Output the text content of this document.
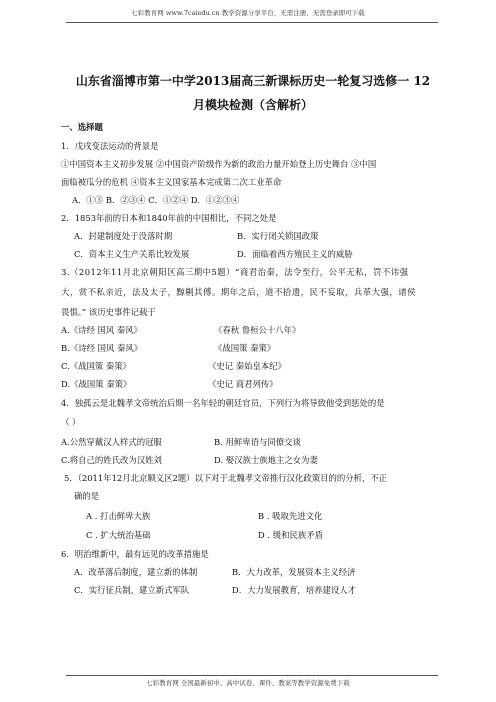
七彩教育网 www.7caiedu.cn 教学资源分享平台，无需注册、无需登录即可下载
山东省淄博市第一中学2013届高三新课标历史一轮复习选修一 12
月模块检测（含解析）
一、选择题
1．戊戌变法运动的背景是
①中国资本主义初步发展 ②中国资产阶级作为新的政治力量开始登上历史舞台 ③中国
面临被瓜分的危机 ④资本主义国家基本完成第二次工业革命
A．①③ B．②③④ C．①②④ D．①②③④
2．1853年前的日本和1840年前的中国相比，不同之处是
A．封建制度处于没落时期	B．实行闭关锁国政策
C．资本主义生产关系比较发展	D．面临着西方殖民主义的威胁
3.（2012年11月北京朝阳区高三期中5题）“商君治秦，法令至行，公平无私，罚不讳强
大，赏不私亲近，法及太子，黥劓其傅。期年之后，道不拾遗，民不妄取，兵革大强，诸侯
畏惧。” 该历史事件记载于
A.《诗经 国风 秦风》	《春秋 鲁桓公十八年》
B.《诗经 国风 秦风》	《战国策 秦策》
C.《战国策 秦策》	《史记 秦始皇本纪》
D.《战国策 秦策》	《史记 商君列传》
4．独孤云是北魏孝文帝统治后期一名年轻的朝廷官员，下列行为将导致他受到惩处的是
（ ）
A.公然穿戴汉人样式的冠服	B. 用鲜卑语与同僚交谈
C.将自己的姓氏改为汉姓刘	D. 娶汉族士族地主之女为妻
5．（2011年12月北京顺义区2题）以下对于北魏孝文帝推行汉化政策目的的分析，不正
确的是
A . 打击鲜卑大族	B . 吸取先进文化
C . 扩大统治基础	D . 缓和民族矛盾
6．明治维新中，最有远见的改革措施是
A．改革落后制度，建立新的体制	B．大力改革，发展资本主义经济
C．实行征兵制，建立新式军队	D．大力发展教育，培养建设人才
七彩教育网 全国最新初中、高中试卷、课件、教案等教学资源免费下载
